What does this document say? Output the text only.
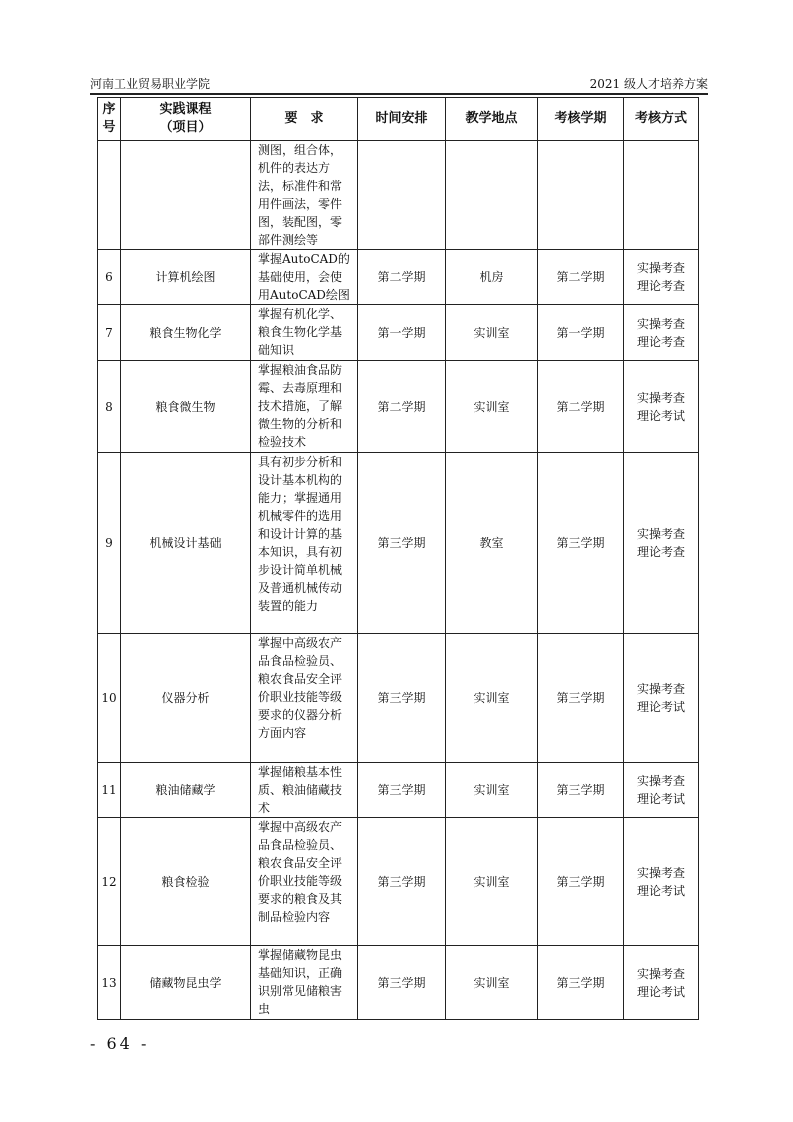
河南工业贸易职业学院	2021 级人才培养方案
序
号	实践课程
（项目）	要　求	时间安排	教学地点	考核学期	考核方式
		测图，组合体，机件的表达方法，标准件和常用件画法，零件图，装配图，零部件测绘等				

6	计算机绘图	掌握AutoCAD的基础使用，会使用AutoCAD绘图	第二学期	机房	第二学期	实操考查
理论考查

7	粮食生物化学	掌握有机化学、粮食生物化学基础知识	第一学期	实训室	第一学期	实操考查
理论考查

8	粮食微生物	掌握粮油食品防霉、去毒原理和技术措施，了解微生物的分析和检验技术	第二学期	实训室	第二学期	实操考查
理论考试

9	机械设计基础	具有初步分析和设计基本机构的能力；掌握通用机械零件的选用和设计计算的基本知识，具有初步设计简单机械及普通机械传动装置的能力	第三学期	教室	第三学期	实操考查
理论考查

10	仪器分析	掌握中高级农产品食品检验员、粮农食品安全评价职业技能等级要求的仪器分析方面内容	第三学期	实训室	第三学期	实操考查
理论考试

11	粮油储藏学	掌握储粮基本性质、粮油储藏技术	第三学期	实训室	第三学期	实操考查
理论考试

12	粮食检验	掌握中高级农产品食品检验员、粮农食品安全评价职业技能等级要求的粮食及其制品检验内容	第三学期	实训室	第三学期	实操考查
理论考试

13	储藏物昆虫学	掌握储藏物昆虫基础知识，正确识别常见储粮害虫	第三学期	实训室	第三学期	实操考查
理论考试
- 64 -
